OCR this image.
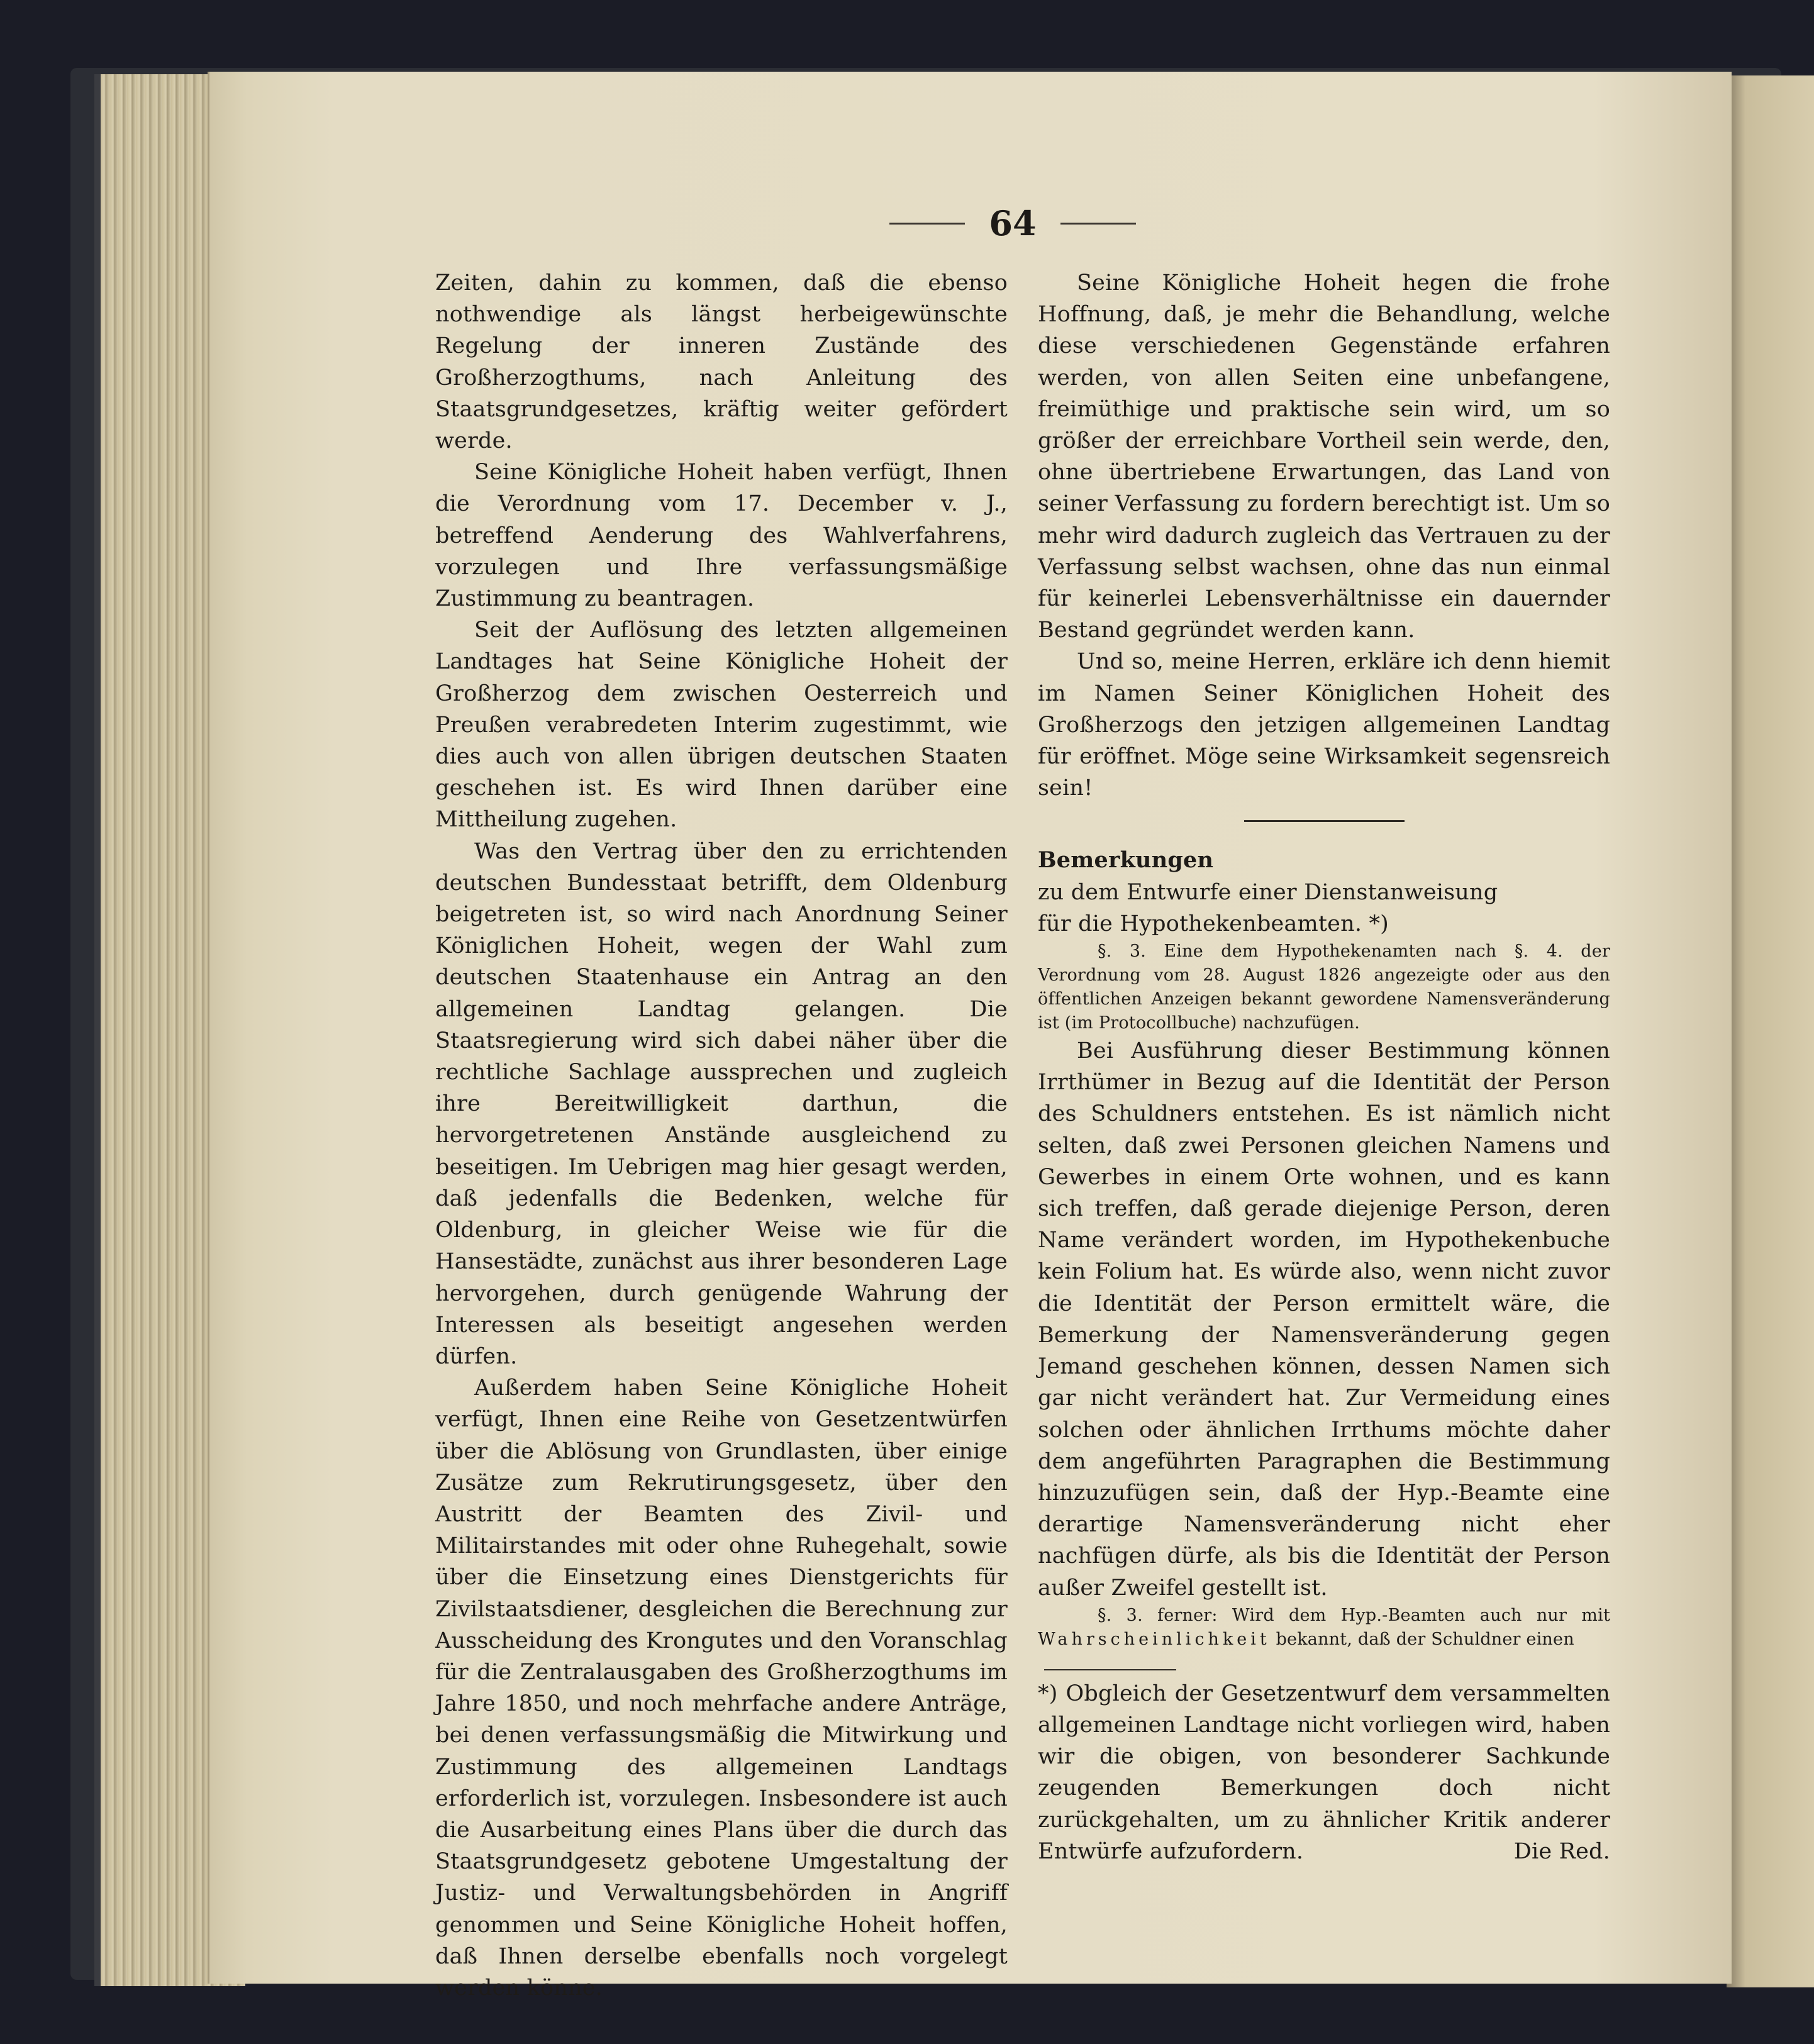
64

Zeiten, dahin zu kommen, daß die ebenso nothwendige als längst herbeigewünschte Regelung der inneren Zustände des Großherzogthums, nach Anleitung des Staatsgrundgesetzes, kräftig weiter gefördert werde.

Seine Königliche Hoheit haben verfügt, Ihnen die Verordnung vom 17. December v. J., betreffend Aenderung des Wahlverfahrens, vorzulegen und Ihre verfassungsmäßige Zustimmung zu beantragen.

Seit der Auflösung des letzten allgemeinen Landtages hat Seine Königliche Hoheit der Großherzog dem zwischen Oesterreich und Preußen verabredeten Interim zugestimmt, wie dies auch von allen übrigen deutschen Staaten geschehen ist. Es wird Ihnen darüber eine Mittheilung zugehen.

Was den Vertrag über den zu errichtenden deutschen Bundesstaat betrifft, dem Oldenburg beigetreten ist, so wird nach Anordnung Seiner Königlichen Hoheit, wegen der Wahl zum deutschen Staatenhause ein Antrag an den allgemeinen Landtag gelangen. Die Staatsregierung wird sich dabei näher über die rechtliche Sachlage aussprechen und zugleich ihre Bereitwilligkeit darthun, die hervorgetretenen Anstände ausgleichend zu beseitigen. Im Uebrigen mag hier gesagt werden, daß jedenfalls die Bedenken, welche für Oldenburg, in gleicher Weise wie für die Hansestädte, zunächst aus ihrer besonderen Lage hervorgehen, durch genügende Wahrung der Interessen als beseitigt angesehen werden dürfen.

Außerdem haben Seine Königliche Hoheit verfügt, Ihnen eine Reihe von Gesetzentwürfen über die Ablösung von Grundlasten, über einige Zusätze zum Rekrutirungsgesetz, über den Austritt der Beamten des Zivil- und Militairstandes mit oder ohne Ruhegehalt, sowie über die Einsetzung eines Dienstgerichts für Zivilstaatsdiener, desgleichen die Berechnung zur Ausscheidung des Krongutes und den Voranschlag für die Zentralausgaben des Großherzogthums im Jahre 1850, und noch mehrfache andere Anträge, bei denen verfassungsmäßig die Mitwirkung und Zustimmung des allgemeinen Landtags erforderlich ist, vorzulegen. Insbesondere ist auch die Ausarbeitung eines Plans über die durch das Staatsgrundgesetz gebotene Umgestaltung der Justiz- und Verwaltungsbehörden in Angriff genommen und Seine Königliche Hoheit hoffen, daß Ihnen derselbe ebenfalls noch vorgelegt werden könne.

Seine Königliche Hoheit hegen die frohe Hoffnung, daß, je mehr die Behandlung, welche diese verschiedenen Gegenstände erfahren werden, von allen Seiten eine unbefangene, freimüthige und praktische sein wird, um so größer der erreichbare Vortheil sein werde, den, ohne übertriebene Erwartungen, das Land von seiner Verfassung zu fordern berechtigt ist. Um so mehr wird dadurch zugleich das Vertrauen zu der Verfassung selbst wachsen, ohne das nun einmal für keinerlei Lebensverhältnisse ein dauernder Bestand gegründet werden kann.

Und so, meine Herren, erkläre ich denn hiemit im Namen Seiner Königlichen Hoheit des Großherzogs den jetzigen allgemeinen Landtag für eröffnet. Möge seine Wirksamkeit segensreich sein!

Bemerkungen

zu dem Entwurfe einer Dienstanweisung

für die Hypothekenbeamten. *)

§. 3. Eine dem Hypothekenamten nach §. 4. der Verordnung vom 28. August 1826 angezeigte oder aus den öffentlichen Anzeigen bekannt gewordene Namensveränderung ist (im Protocollbuche) nachzufügen.

Bei Ausführung dieser Bestimmung können Irrthümer in Bezug auf die Identität der Person des Schuldners entstehen. Es ist nämlich nicht selten, daß zwei Personen gleichen Namens und Gewerbes in einem Orte wohnen, und es kann sich treffen, daß gerade diejenige Person, deren Name verändert worden, im Hypothekenbuche kein Folium hat. Es würde also, wenn nicht zuvor die Identität der Person ermittelt wäre, die Bemerkung der Namensveränderung gegen Jemand geschehen können, dessen Namen sich gar nicht verändert hat. Zur Vermeidung eines solchen oder ähnlichen Irrthums möchte daher dem angeführten Paragraphen die Bestimmung hinzuzufügen sein, daß der Hyp.-Beamte eine derartige Namensveränderung nicht eher nachfügen dürfe, als bis die Identität der Person außer Zweifel gestellt ist.

§. 3. ferner: Wird dem Hyp.-Beamten auch nur mit Wahrscheinlichkeit bekannt, daß der Schuldner einen

*) Obgleich der Gesetzentwurf dem versammelten allgemeinen Landtage nicht vorliegen wird, haben wir die obigen, von besonderer Sachkunde zeugenden Bemerkungen doch nicht zurückgehalten, um zu ähnlicher Kritik anderer Entwürfe aufzufordern.	Die Red.
